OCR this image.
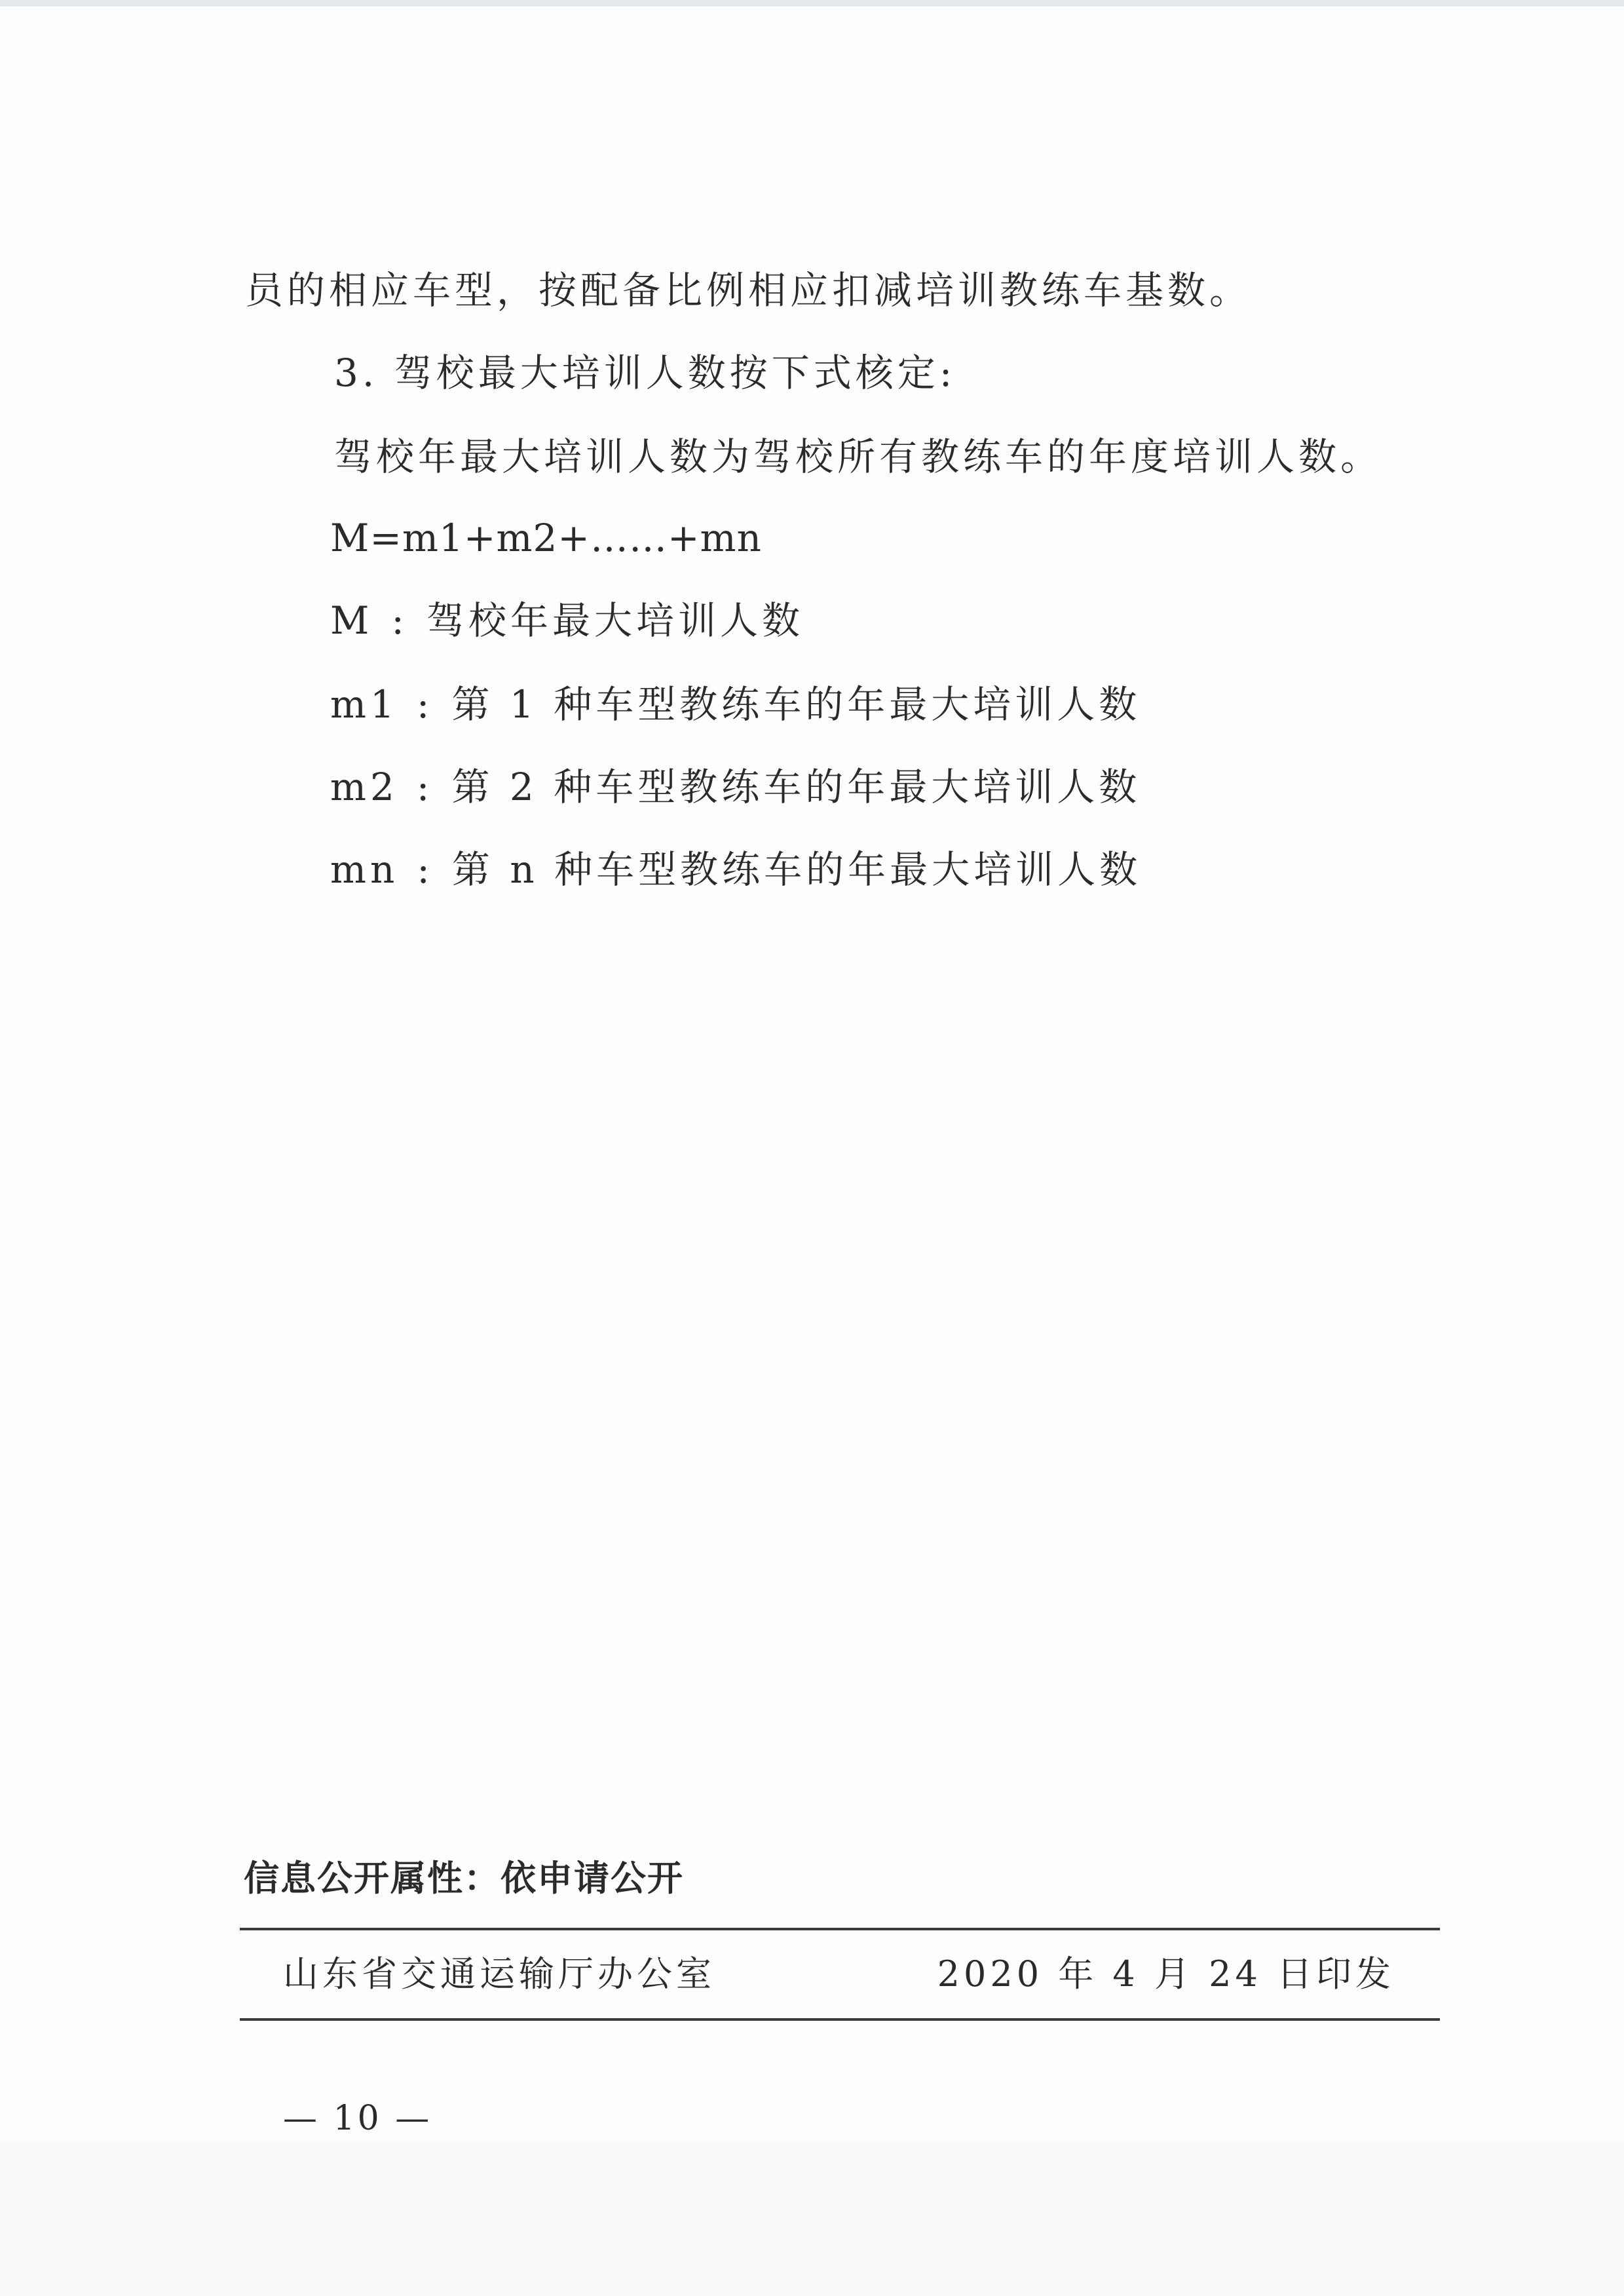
员的相应车型，按配备比例相应扣减培训教练车基数。
3. 驾校最大培训人数按下式核定:
驾校年最大培训人数为驾校所有教练车的年度培训人数。
M=m1+m2+……+mn
M : 驾校年最大培训人数
m1 : 第 1 种车型教练车的年最大培训人数
m2 : 第 2 种车型教练车的年最大培训人数
mn : 第 n 种车型教练车的年最大培训人数
信息公开属性：依申请公开
山东省交通运输厅办公室	2020 年 4 月 24 日印发
— 10 —
